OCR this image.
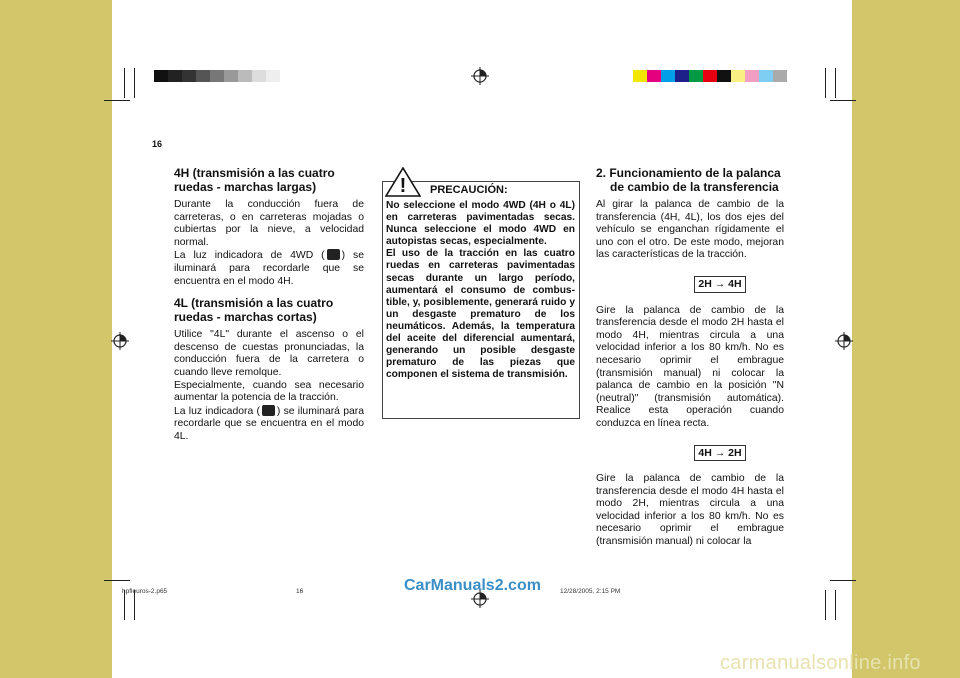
2 CONDUCIENDO SU HYUNDAI
16
4H (transmisión a las cuatro ruedas - marchas largas)

Durante la conducción fuera de carreteras, o en carreteras mojadas o cubiertas por la nieve, a velocidad normal.
La luz indicadora de 4WD ( ) se iluminará para recordarle que se encuentra en el modo 4H.

4L (transmisión a las cuatro ruedas - marchas cortas)

Utilice "4L" durante el ascenso o el descenso de cuestas pronunciadas, la conducción fuera de la carretera o cuando lleve remolque.
Especialmente, cuando sea necesario aumentar la potencia de la tracción.
La luz indicadora ( ) se iluminará para recordarle que se encuentra en el modo 4L.

! PRECAUCIÓN:
No seleccione el modo 4WD (4H o 4L) en carreteras pavimentadas secas. Nunca seleccione el modo 4WD en autopistas secas, especialmente.
El uso de la tracción en las cuatro ruedas en carreteras pavimentadas secas durante un largo período, aumentará el consumo de combus- tible, y, posiblemente, generará ruido y un desgaste prematuro de los neumáticos. Además, la temperatura del aceite del diferencial aumentará, generando un posible desgaste prematuro de las piezas que componen el sistema de transmisión.
2. Funcionamiento de la palanca
de cambio de la transferencia

Al girar la palanca de cambio de la transferencia (4H, 4L), los dos ejes del vehículo se enganchan rígidamente el uno con el otro. De este modo, mejoran las características de la tracción.

2H → 4H

Gire la palanca de cambio de la transferencia desde el modo 2H hasta el modo 4H, mientras circula a una velocidad inferior a los 80 km/h. No es necesario oprimir el embrague (transmisión manual) ni colocar la palanca de cambio en la posición "N (neutral)" (transmisión automática). Realice esta operación cuando conduzca en línea recta.

4H → 2H

Gire la palanca de cambio de la transferencia desde el modo 4H hasta el modo 2H, mientras circula a una velocidad inferior a los 80 km/h. No es necesario oprimir el embrague (transmisión manual) ni colocar la

hpfleuros-2.p65	16	12/28/2005, 2:15 PM
CarManuals2.com
carmanualsonline.info
